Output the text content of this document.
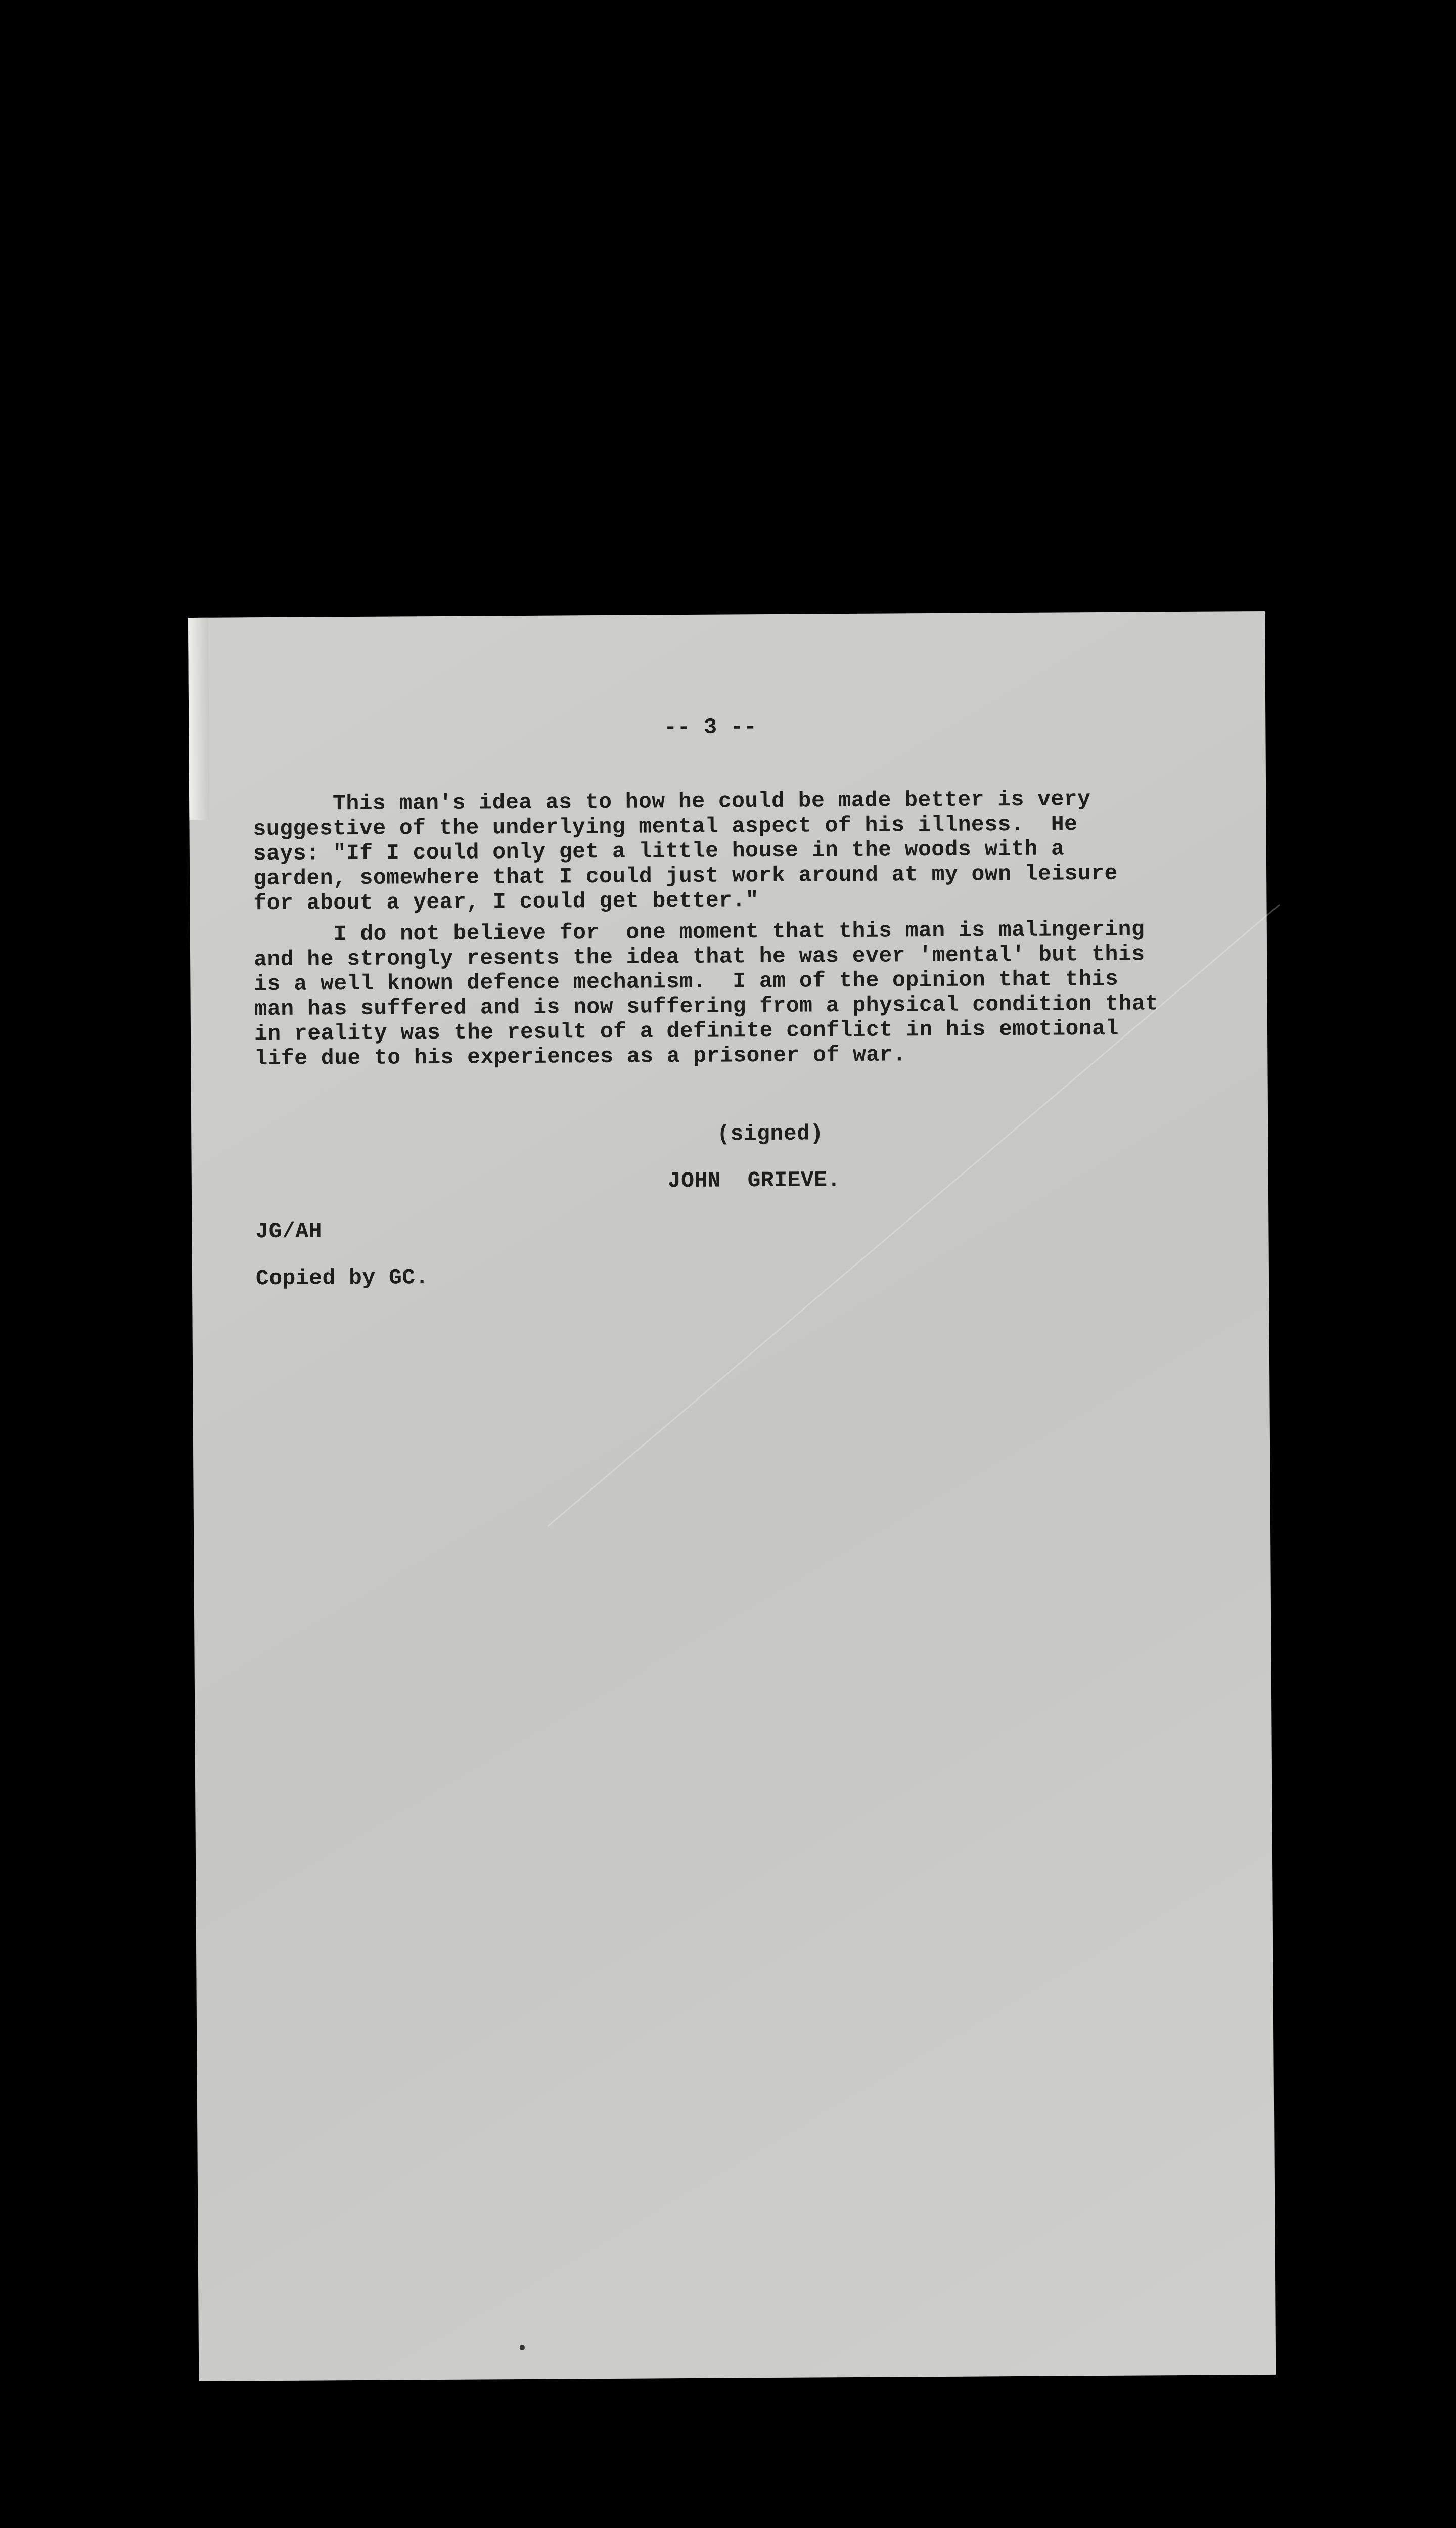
-- 3 --
This man's idea as to how he could be made better is very
suggestive of the underlying mental aspect of his illness.  He
says: "If I could only get a little house in the woods with a
garden, somewhere that I could just work around at my own leisure
for about a year, I could get better."
I do not believe for  one moment that this man is malingering
and he strongly resents the idea that he was ever 'mental' but this
is a well known defence mechanism.  I am of the opinion that this
man has suffered and is now suffering from a physical condition that
in reality was the result of a definite conflict in his emotional
life due to his experiences as a prisoner of war.
(signed)
JOHN  GRIEVE.
JG/AH
Copied by GC.
